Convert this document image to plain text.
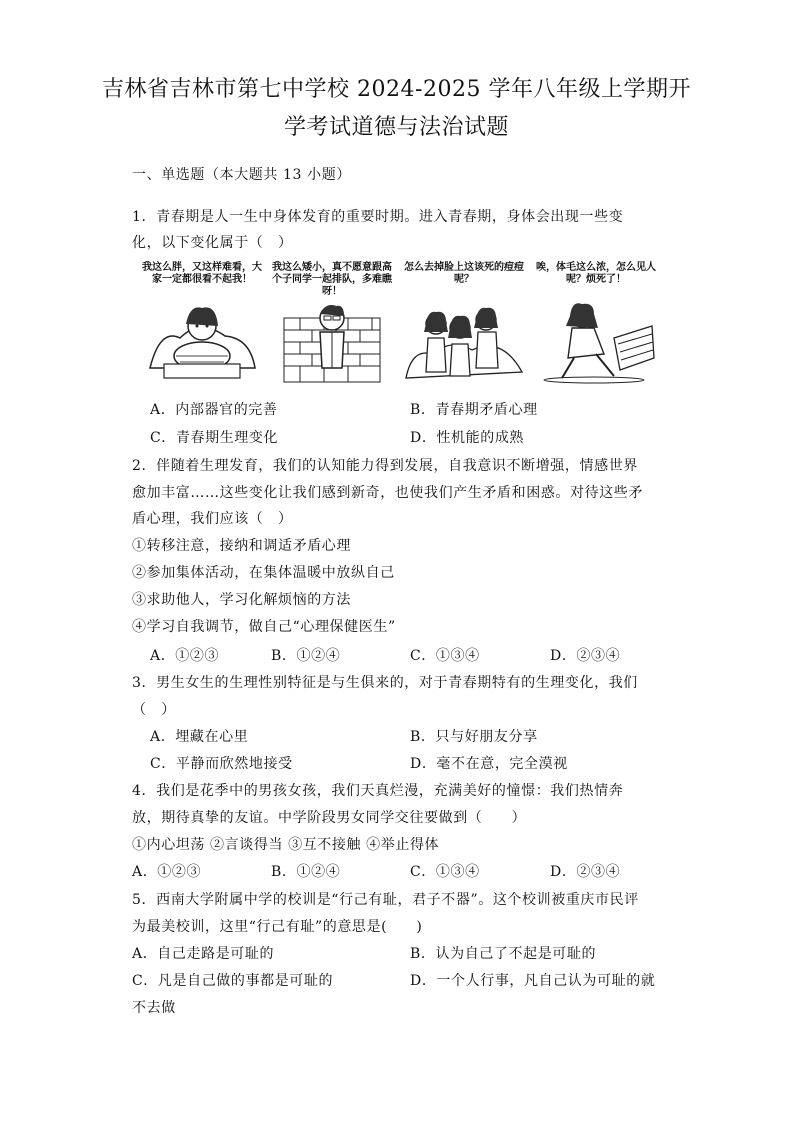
吉林省吉林市第七中学校 2024-2025 学年八年级上学期开
学考试道德与法治试题
一、单选题（本大题共 13 小题）
1．青春期是人一生中身体发育的重要时期。进入青春期，身体会出现一些变
化，以下变化属于（　）
我这么胖，又这样难看，大家一定都很看不起我！
我这么矮小，真不愿意跟高个子同学一起排队，多难瞧呀！
怎么去掉脸上这该死的痘痘呢？
唉，体毛这么浓，怎么见人呢？烦死了！
A．内部器官的完善	B．青春期矛盾心理
C．青春期生理变化	D．性机能的成熟
2．伴随着生理发育，我们的认知能力得到发展，自我意识不断增强，情感世界
愈加丰富……这些变化让我们感到新奇，也使我们产生矛盾和困惑。对待这些矛
盾心理，我们应该（　）
①转移注意，接纳和调适矛盾心理
②参加集体活动，在集体温暖中放纵自己
③求助他人，学习化解烦恼的方法
④学习自我调节，做自己“心理保健医生”
A．①②③	B．①②④	C．①③④	D．②③④
3．男生女生的生理性别特征是与生俱来的，对于青春期特有的生理变化，我们
（　）
A．埋藏在心里	B．只与好朋友分享
C．平静而欣然地接受	D．毫不在意，完全漠视
4．我们是花季中的男孩女孩，我们天真烂漫，充满美好的憧憬：我们热情奔
放，期待真挚的友谊。中学阶段男女同学交往要做到（　　）
①内心坦荡 ②言谈得当 ③互不接触 ④举止得体
A．①②③	B．①②④	C．①③④	D．②③④
5．西南大学附属中学的校训是“行己有耻，君子不器”。这个校训被重庆市民评
为最美校训，这里“行己有耻”的意思是(　　)
A．自己走路是可耻的	B．认为自己了不起是可耻的
C．凡是自己做的事都是可耻的	D．一个人行事，凡自己认为可耻的就
不去做
